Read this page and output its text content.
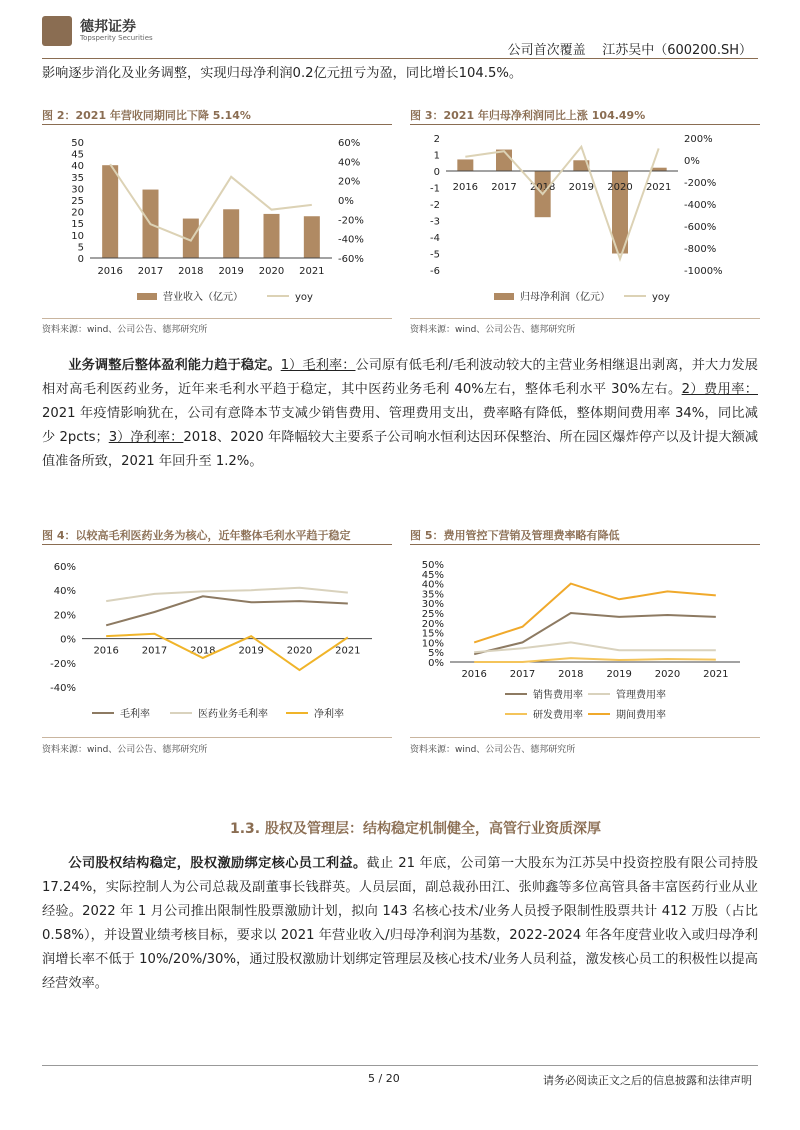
德邦证券
Topsperity Securities
公司首次覆盖    江苏吴中（600200.SH）
影响逐步消化及业务调整，实现归母净利润0.2亿元扭亏为盈，同比增长104.5%。
图 2：2021 年营收同期同比下降 5.14%
0
5
10
15
20
25
30
35
40
45
50
-60%
-40%
-20%
0%
20%
40%
60%
2016 2017 2018 2019 2020 2021
营业收入（亿元）	yoy
资料来源：wind、公司公告、德邦研究所
图 3：2021 年归母净利润同比上涨 104.49%
-6
-5
-4
-3
-2
-1
0
1
2
-1000%
-800%
-600%
-400%
-200%
0%
200%
2016 2017 2018 2019 2020 2021
归母净利润（亿元）	yoy
资料来源：wind、公司公告、德邦研究所
业务调整后整体盈利能力趋于稳定。1）毛利率：公司原有低毛利/毛利波动较大的主营业务相继退出剥离，并大力发展相对高毛利医药业务，近年来毛利水平趋于稳定，其中医药业务毛利 40%左右，整体毛利水平 30%左右。2）费用率：2021 年疫情影响犹在，公司有意降本节支减少销售费用、管理费用支出，费率略有降低，整体期间费用率 34%，同比减少 2pcts；3）净利率：2018、2020 年降幅较大主要系子公司响水恒利达因环保整治、所在园区爆炸停产以及计提大额减值准备所致，2021 年回升至 1.2%。
图 4：以较高毛利医药业务为核心，近年整体毛利水平趋于稳定
-40%
-20%
0%
20%
40%
60%
2016 2017 2018 2019 2020 2021
毛利率	医药业务毛利率	净利率
资料来源：wind、公司公告、德邦研究所
图 5：费用管控下营销及管理费率略有降低
0%
5%
10%
15%
20%
25%
30%
35%
40%
45%
50%
2016 2017 2018 2019 2020 2021
销售费用率	管理费用率
研发费用率	期间费用率
资料来源：wind、公司公告、德邦研究所
1.3. 股权及管理层：结构稳定机制健全，高管行业资质深厚
公司股权结构稳定，股权激励绑定核心员工利益。截止 21 年底，公司第一大股东为江苏吴中投资控股有限公司持股 17.24%，实际控制人为公司总裁及副董事长钱群英。人员层面，副总裁孙田江、张帅鑫等多位高管具备丰富医药行业从业经验。2022 年 1 月公司推出限制性股票激励计划，拟向 143 名核心技术/业务人员授予限制性股票共计 412 万股（占比 0.58%），并设置业绩考核目标，要求以 2021 年营业收入/归母净利润为基数，2022-2024 年各年度营业收入或归母净利润增长率不低于 10%/20%/30%，通过股权激励计划绑定管理层及核心技术/业务人员利益，激发核心员工的积极性以提高经营效率。
5 / 20	请务必阅读正文之后的信息披露和法律声明
